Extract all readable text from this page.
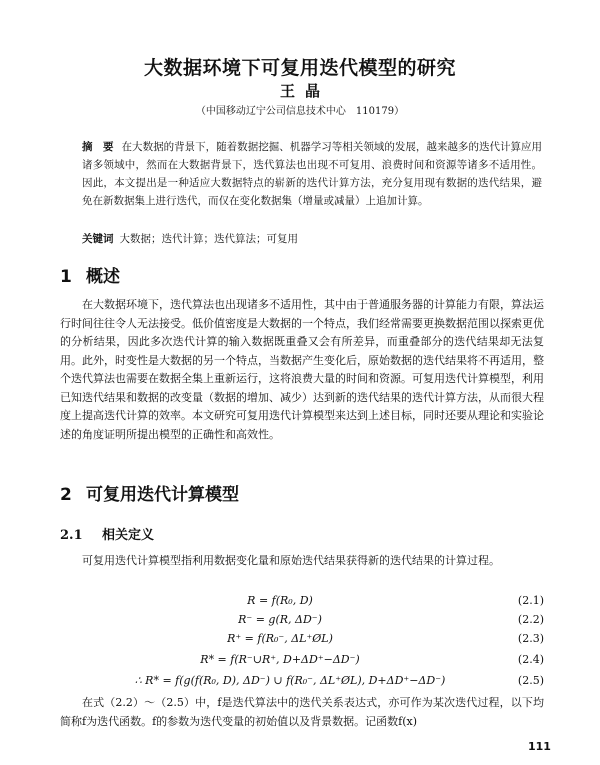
大数据环境下可复用迭代模型的研究
王晶
（中国移动辽宁公司信息技术中心　110179）
摘　要 在大数据的背景下，随着数据挖掘、机器学习等相关领域的发展，越来越多的迭代计算应用诸多领域中，然而在大数据背景下，迭代算法也出现不可复用、浪费时间和资源等诸多不适用性。因此，本文提出是一种适应大数据特点的崭新的迭代计算方法，充分复用现有数据的迭代结果，避免在新数据集上进行迭代，而仅在变化数据集（增量或减量）上追加计算。
关键词 大数据；迭代计算；迭代算法；可复用
1 概述

在大数据环境下，迭代算法也出现诸多不适用性，其中由于普通服务器的计算能力有限，算法运行时间往往令人无法接受。低价值密度是大数据的一个特点，我们经常需要更换数据范围以探索更优的分析结果，因此多次迭代计算的输入数据既重叠又会有所差异，而重叠部分的迭代结果却无法复用。此外，时变性是大数据的另一个特点，当数据产生变化后，原始数据的迭代结果将不再适用，整个迭代算法也需要在数据全集上重新运行，这将浪费大量的时间和资源。可复用迭代计算模型，利用已知迭代结果和数据的改变量（数据的增加、减少）达到新的迭代结果的迭代计算方法，从而很大程度上提高迭代计算的效率。本文研究可复用迭代计算模型来达到上述目标，同时还要从理论和实验论述的角度证明所提出模型的正确性和高效性。

2 可复用迭代计算模型
2.1 相关定义

可复用迭代计算模型指利用数据变化量和原始迭代结果获得新的迭代结果的计算过程。

R = f(R₀, D)	(2.1)
R⁻ = g(R, ΔD⁻)	(2.2)
R⁺ = f(R₀⁻, ΔL⁺ØL)	(2.3)
R* = f(R⁻∪R⁺, D+ΔD⁺−ΔD⁻)	(2.4)
∴ R* = f(g(f(R₀, D), ΔD⁻) ∪ f(R₀⁻, ΔL⁺ØL), D+ΔD⁺−ΔD⁻)	(2.5)

在式（2.2）～（2.5）中，f是迭代算法中的迭代关系表达式，亦可作为某次迭代过程，以下均简称f为迭代函数。f的参数为迭代变量的初始值以及背景数据。记函数f(x)

111
